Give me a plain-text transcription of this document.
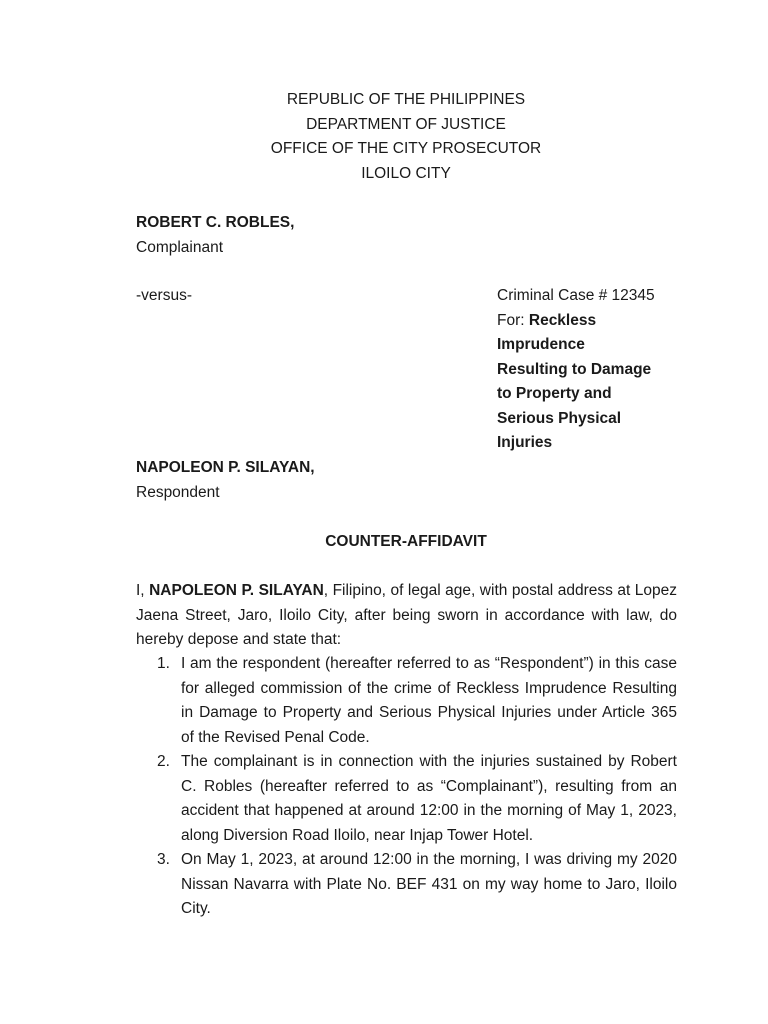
REPUBLIC OF THE PHILIPPINES
DEPARTMENT OF JUSTICE
OFFICE OF THE CITY PROSECUTOR
ILOILO CITY
ROBERT C. ROBLES,
Complainant
-versus-	Criminal Case # 12345
For: Reckless
Imprudence
Resulting to Damage
to Property and
Serious Physical
Injuries
NAPOLEON P. SILAYAN,
Respondent
COUNTER-AFFIDAVIT
I, NAPOLEON P. SILAYAN, Filipino, of legal age, with postal address at Lopez Jaena Street, Jaro, Iloilo City, after being sworn in accordance with law, do hereby depose and state that:
1. I am the respondent (hereafter referred to as “Respondent”) in this case for alleged commission of the crime of Reckless Imprudence Resulting in Damage to Property and Serious Physical Injuries under Article 365 of the Revised Penal Code.
2. The complainant is in connection with the injuries sustained by Robert C. Robles (hereafter referred to as “Complainant”), resulting from an accident that happened at around 12:00 in the morning of May 1, 2023, along Diversion Road Iloilo, near Injap Tower Hotel.
3. On May 1, 2023, at around 12:00 in the morning, I was driving my 2020 Nissan Navarra with Plate No. BEF 431 on my way home to Jaro, Iloilo City.
